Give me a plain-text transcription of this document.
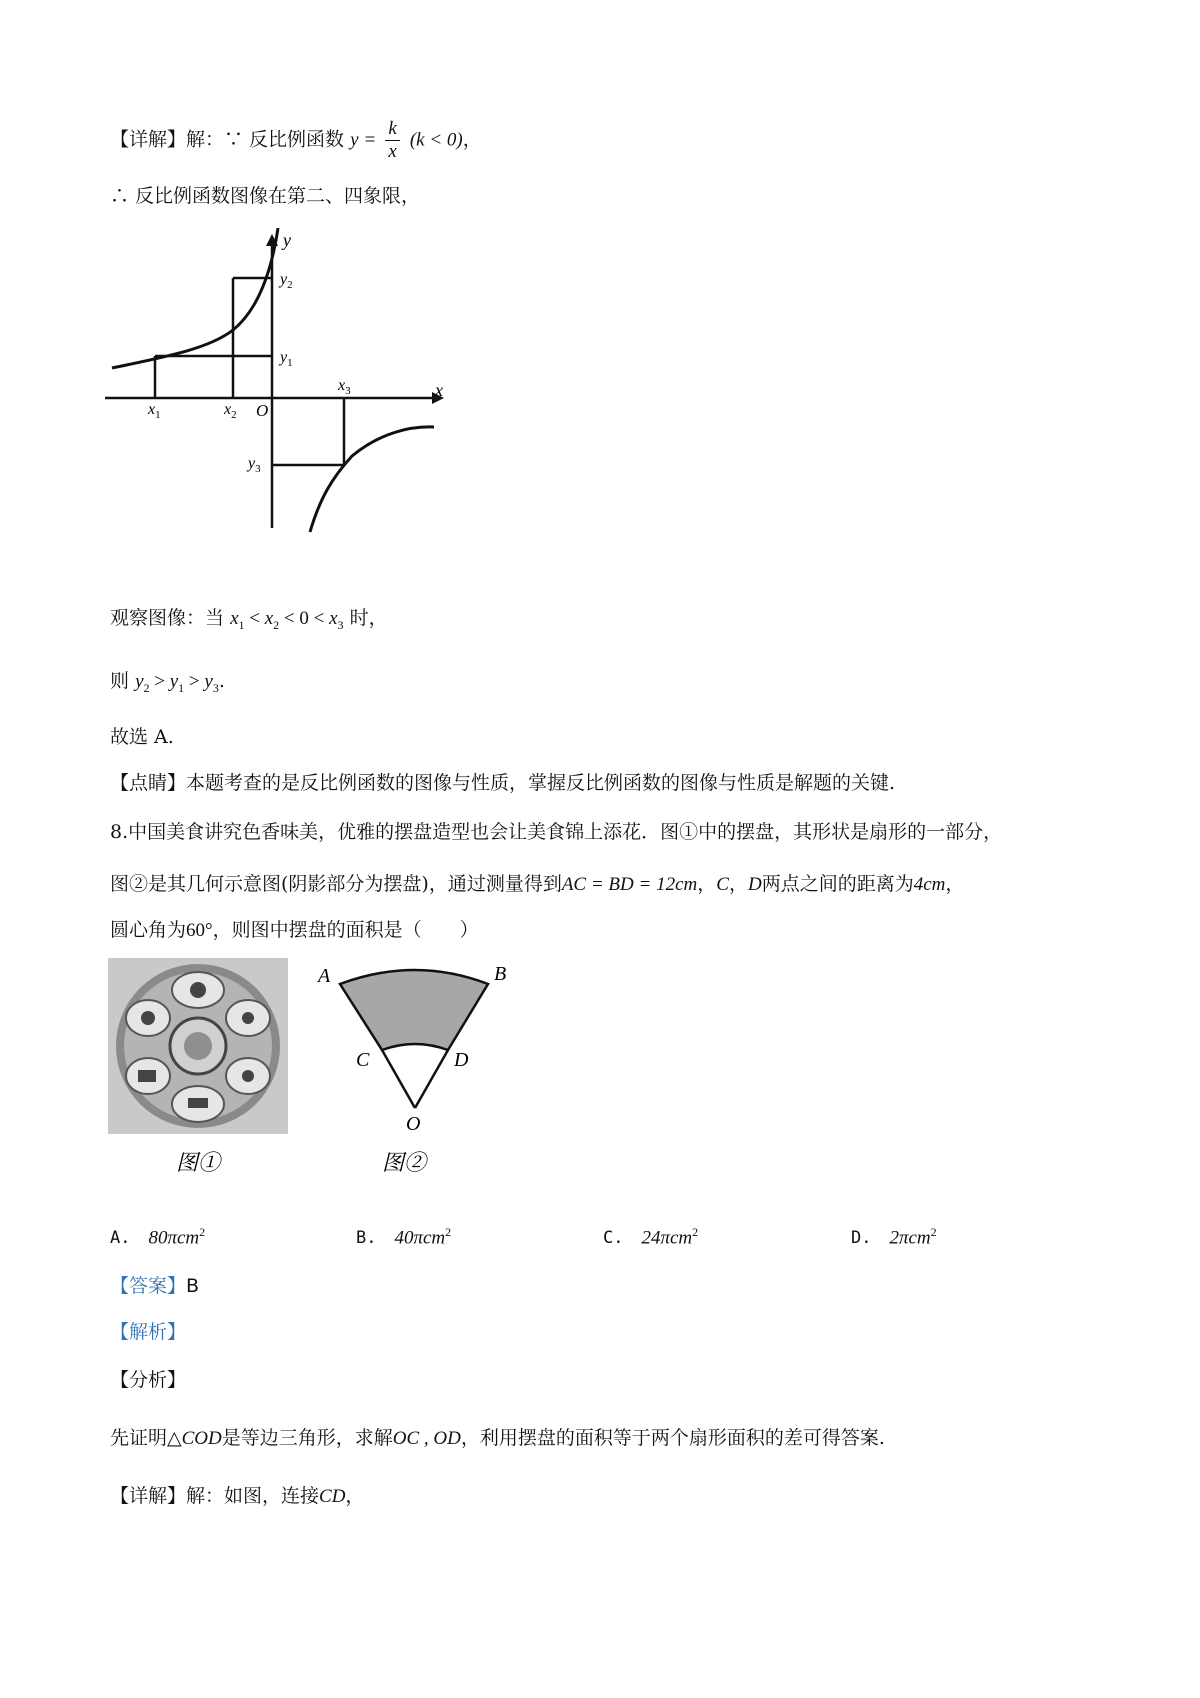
【详解】解：∵ 反比例函数 $y = \frac{k}{x} (k < 0)$，
∴ 反比例函数图像在第二、四象限，
y
x
O
$x_1$	$x_2$
$x_3$
$y_1$
$y_2$
$y_3$
观察图像：当 $x_1 < x_2 < 0 < x_3$ 时，
则 $y_2 > y_1 > y_3$.
故选 A.
【点睛】本题考查的是反比例函数的图像与性质，掌握反比例函数的图像与性质是解题的关键.
8.中国美食讲究色香味美，优雅的摆盘造型也会让美食锦上添花．图①中的摆盘，其形状是扇形的一部分，
图②是其几何示意图(阴影部分为摆盘)，通过测量得到AC = BD = 12cm，C，D两点之间的距离为4cm，
圆心角为60°，则图中摆盘的面积是（　　）
图①
A	B
C	D
O
图②
A. 80πcm$^2$	B. 40πcm$^2$	C. 24πcm$^2$	D. 2πcm$^2$
【答案】B
【解析】
【分析】
先证明△COD是等边三角形，求解OC , OD，利用摆盘的面积等于两个扇形面积的差可得答案.
【详解】解：如图，连接CD，
